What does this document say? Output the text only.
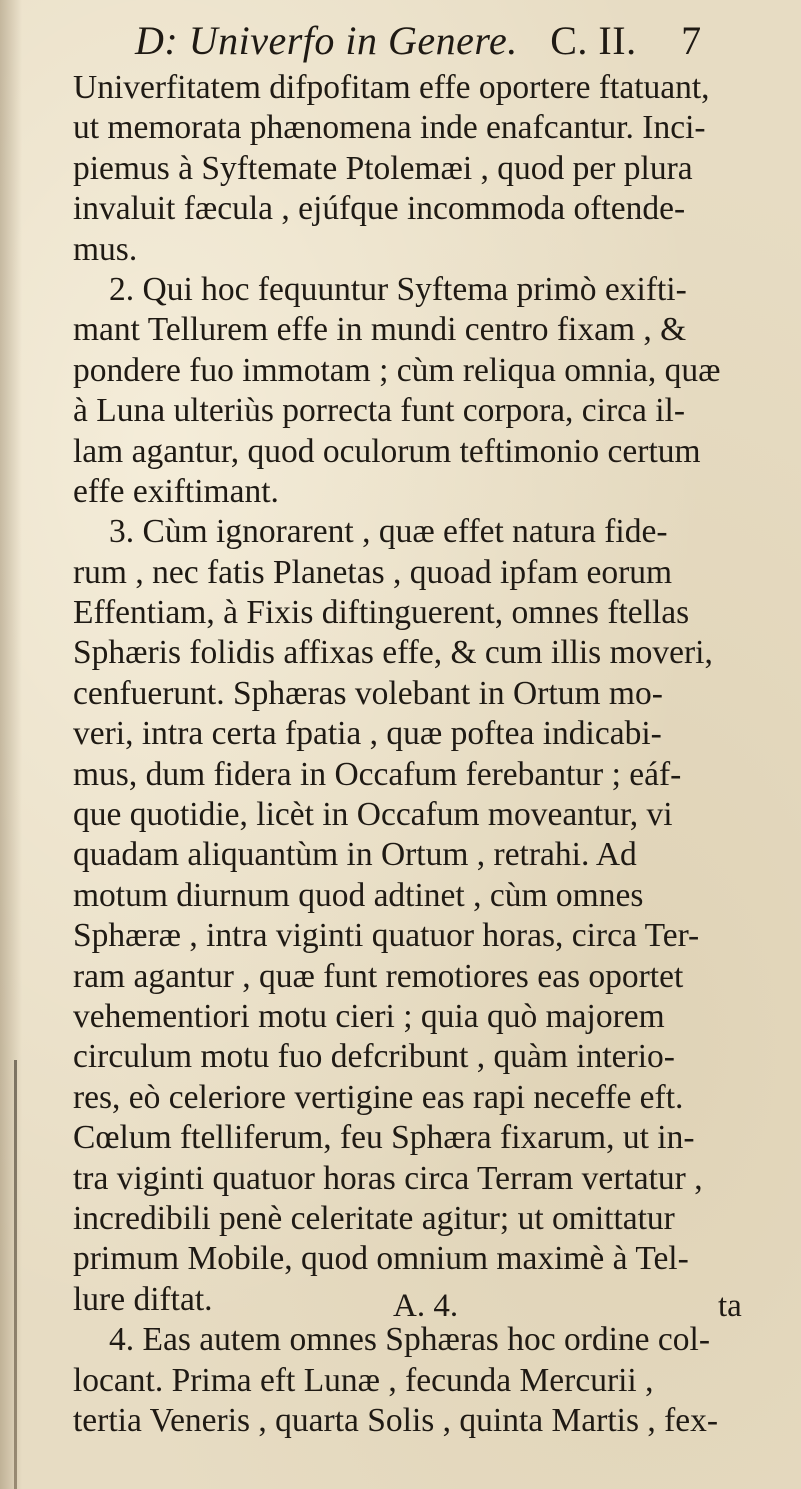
D: Univerfo in Genere. C. II. 7
Univerfitatem difpofitam effe oportere ftatuant,
ut memorata phænomena inde enafcantur. Inci-
piemus à Syftemate Ptolemæi , quod per plura
invaluit fæcula , ejúfque incommoda oftende-
mus.
2. Qui hoc fequuntur Syftema primò exifti-
mant Tellurem effe in mundi centro fixam , &
pondere fuo immotam ; cùm reliqua omnia, quæ
à Luna ulteriùs porrecta funt corpora, circa il-
lam agantur, quod oculorum teftimonio certum
effe exiftimant.
3. Cùm ignorarent , quæ effet natura fide-
rum , nec fatis Planetas , quoad ipfam eorum
Effentiam, à Fixis diftinguerent, omnes ftellas
Sphæris folidis affixas effe, & cum illis moveri,
cenfuerunt. Sphæras volebant in Ortum mo-
veri, intra certa fpatia , quæ poftea indicabi-
mus, dum fidera in Occafum ferebantur ; eáf-
que quotidie, licèt in Occafum moveantur, vi
quadam aliquantùm in Ortum , retrahi. Ad
motum diurnum quod adtinet , cùm omnes
Sphæræ , intra viginti quatuor horas, circa Ter-
ram agantur , quæ funt remotiores eas oportet
vehementiori motu cieri ; quia quò majorem
circulum motu fuo defcribunt , quàm interio-
res, eò celeriore vertigine eas rapi neceffe eft.
Cœlum ftelliferum, feu Sphæra fixarum, ut in-
tra viginti quatuor horas circa Terram vertatur ,
incredibili penè celeritate agitur; ut omittatur
primum Mobile, quod omnium maximè à Tel-
lure diftat.
4. Eas autem omnes Sphæras hoc ordine col-
locant. Prima eft Lunæ , fecunda Mercurii ,
tertia Veneris , quarta Solis , quinta Martis , fex-
A. 4.	ta
